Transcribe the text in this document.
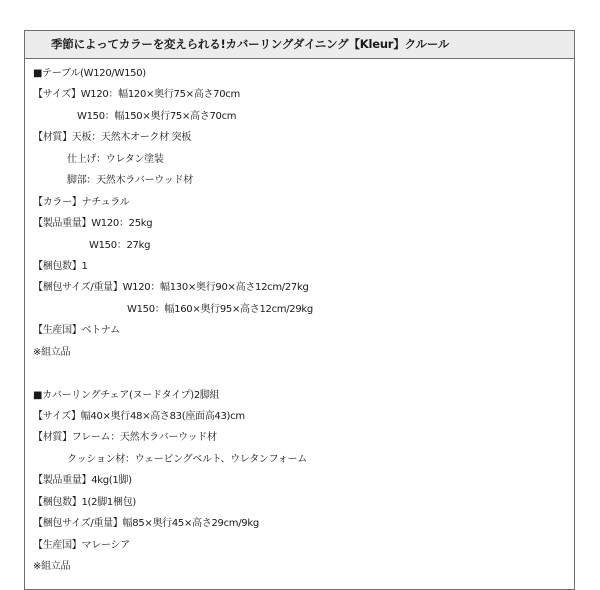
季節によってカラーを変えられる!カバーリングダイニング【Kleur】クルール
■テーブル(W120/W150)
【サイズ】W120：幅120×奥行75×高さ70cm
W150：幅150×奥行75×高さ70cm
【材質】天板：天然木オーク材 突板
仕上げ：ウレタン塗装
脚部：天然木ラバーウッド材
【カラー】ナチュラル
【製品重量】W120：25kg
W150：27kg
【梱包数】1
【梱包サイズ/重量】W120：幅130×奥行90×高さ12cm/27kg
W150：幅160×奥行95×高さ12cm/29kg
【生産国】ベトナム
※組立品
■カバーリングチェア(ヌードタイプ)2脚組
【サイズ】幅40×奥行48×高さ83(座面高43)cm
【材質】フレーム：天然木ラバーウッド材
クッション材：ウェービングベルト、ウレタンフォーム
【製品重量】4kg(1脚)
【梱包数】1(2脚1梱包)
【梱包サイズ/重量】幅85×奥行45×高さ29cm/9kg
【生産国】マレーシア
※組立品
